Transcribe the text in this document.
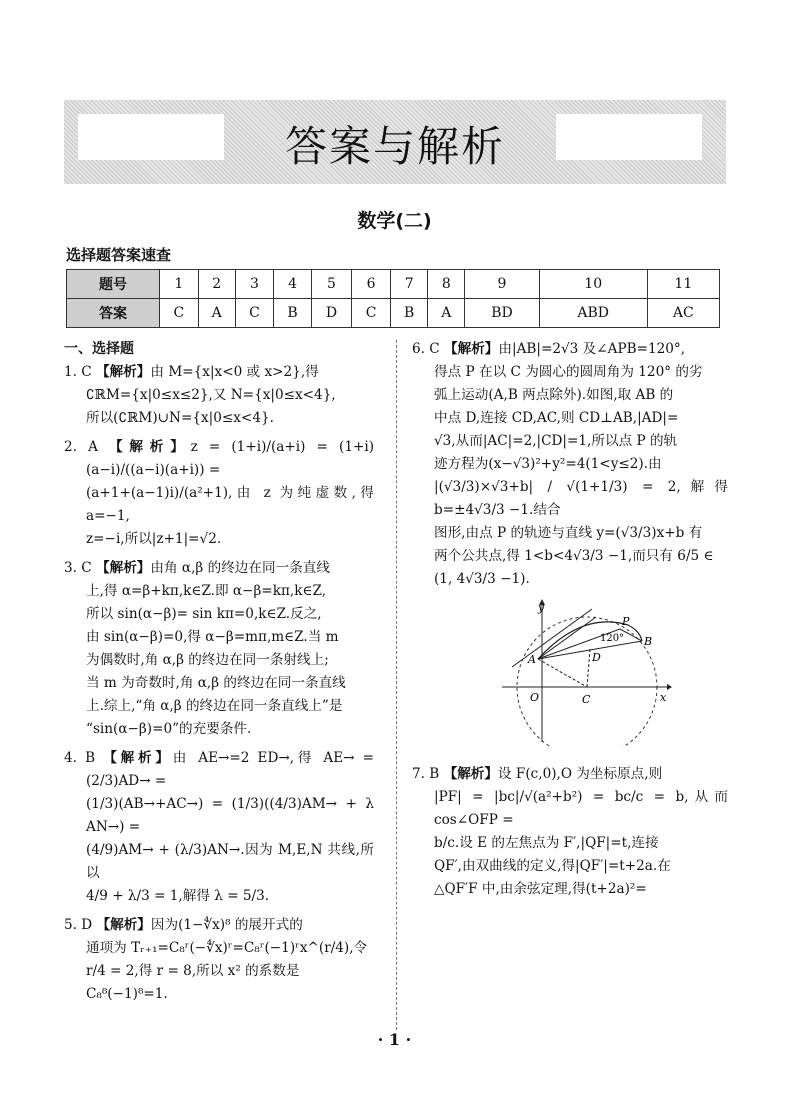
答案与解析
数学(二)
选择题答案速查
题号	1	2	3	4	5	6	7	8	9	10	11
答案	C	A	C	B	D	C	B	A	BD	ABD	AC
一、选择题
1. C 【解析】由 M={x|x<0 或 x>2},得

∁ℝM={x|0≤x≤2},又 N={x|0≤x<4},

所以(∁ℝM)∪N={x|0≤x<4}.

2. A 【解析】z = (1+i)/(a+i) = (1+i)(a−i)/((a−i)(a+i)) =

(a+1+(a−1)i)/(a²+1),由 z 为纯虚数,得 a=−1,

z=−i,所以|z+1|=√2.

3. C 【解析】由角 α,β 的终边在同一条直线

上,得 α=β+kπ,k∈Z.即 α−β=kπ,k∈Z,

所以 sin(α−β)= sin kπ=0,k∈Z.反之,

由 sin(α−β)=0,得 α−β=mπ,m∈Z.当 m

为偶数时,角 α,β 的终边在同一条射线上;

当 m 为奇数时,角 α,β 的终边在同一条直线

上.综上,“角 α,β 的终边在同一条直线上”是

“sin(α−β)=0”的充要条件.

4. B 【解析】由 AE→=2 ED→,得 AE→ = (2/3)AD→ =

(1/3)(AB→+AC→) = (1/3)((4/3)AM→ + λ AN→) =

(4/9)AM→ + (λ/3)AN→.因为 M,E,N 共线,所以

4/9 + λ/3 = 1,解得 λ = 5/3.

5. D 【解析】因为(1−∜x)⁸ 的展开式的

通项为 Tᵣ₊₁=C₈ʳ(−∜x)ʳ=C₈ʳ(−1)ʳx^(r/4),令

r/4 = 2,得 r = 8,所以 x² 的系数是

C₈⁸(−1)⁸=1.

6. C 【解析】由|AB|=2√3 及∠APB=120°,

得点 P 在以 C 为圆心的圆周角为 120° 的劣

弧上运动(A,B 两点除外).如图,取 AB 的

中点 D,连接 CD,AC,则 CD⊥AB,|AD|=

√3,从而|AC|=2,|CD|=1,所以点 P 的轨

迹方程为(x−√3)²+y²=4(1<y≤2).由

|(√3/3)×√3+b| / √(1+1/3) = 2,解得 b=±4√3/3 −1.结合

图形,由点 P 的轨迹与直线 y=(√3/3)x+b 有

两个公共点,得 1<b<4√3/3 −1,而只有 6/5 ∈

(1, 4√3/3 −1).

y
x
O	C
D
A
B
P
120°
7. B 【解析】设 F(c,0),O 为坐标原点,则

|PF| = |bc|/√(a²+b²) = bc/c = b,从而 cos∠OFP =

b/c.设 E 的左焦点为 F′,|QF|=t,连接

QF′,由双曲线的定义,得|QF′|=t+2a.在

△QF′F 中,由余弦定理,得(t+2a)²=

· 1 ·
